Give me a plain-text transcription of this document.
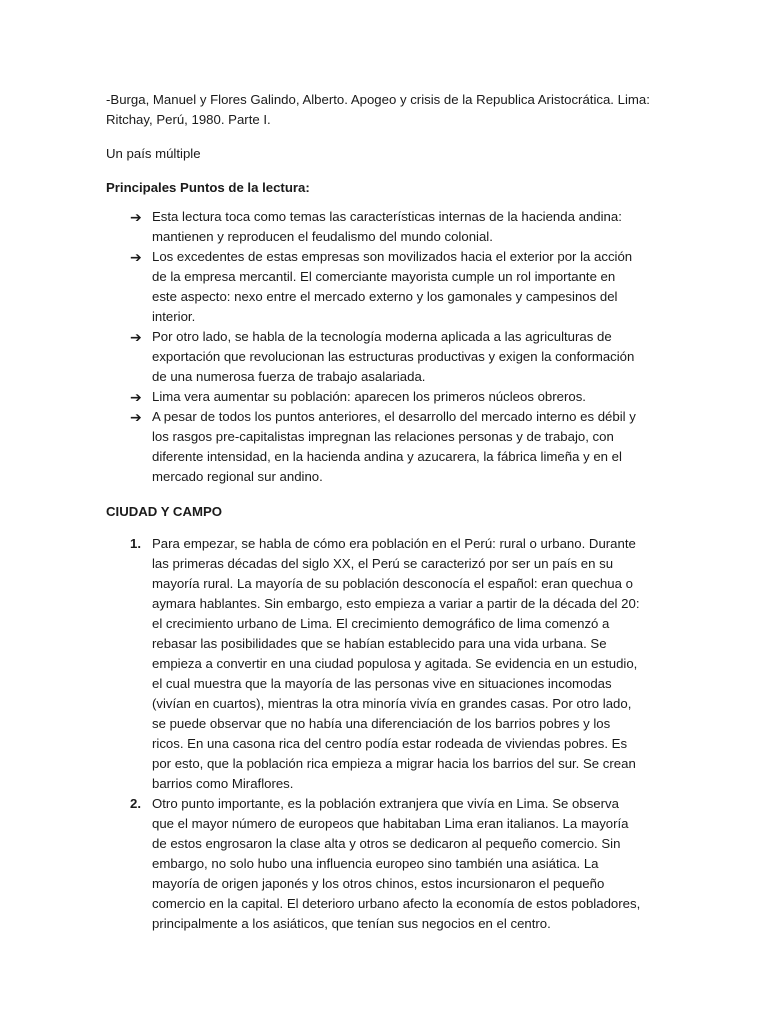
-Burga, Manuel y Flores Galindo, Alberto. Apogeo y crisis de la Republica Aristocrática. Lima: Ritchay, Perú, 1980. Parte I.

Un país múltiple

Principales Puntos de la lectura:

➔ Esta lectura toca como temas las características internas de la hacienda andina: mantienen y reproducen el feudalismo del mundo colonial.
➔ Los excedentes de estas empresas son movilizados hacia el exterior por la acción de la empresa mercantil. El comerciante mayorista cumple un rol importante en este aspecto: nexo entre el mercado externo y los gamonales y campesinos del interior.
➔ Por otro lado, se habla de la tecnología moderna aplicada a las agriculturas de exportación que revolucionan las estructuras productivas y exigen la conformación de una numerosa fuerza de trabajo asalariada.
➔ Lima vera aumentar su población: aparecen los primeros núcleos obreros.
➔ A pesar de todos los puntos anteriores, el desarrollo del mercado interno es débil y los rasgos pre-capitalistas impregnan las relaciones personas y de trabajo, con diferente intensidad, en la hacienda andina y azucarera, la fábrica limeña y en el mercado regional sur andino.

CIUDAD Y CAMPO

1. Para empezar, se habla de cómo era población en el Perú: rural o urbano. Durante las primeras décadas del siglo XX, el Perú se caracterizó por ser un país en su mayoría rural. La mayoría de su población desconocía el español: eran quechua o aymara hablantes. Sin embargo, esto empieza a variar a partir de la década del 20: el crecimiento urbano de Lima. El crecimiento demográfico de lima comenzó a rebasar las posibilidades que se habían establecido para una vida urbana. Se empieza a convertir en una ciudad populosa y agitada. Se evidencia en un estudio, el cual muestra que la mayoría de las personas vive en situaciones incomodas (vivían en cuartos), mientras la otra minoría vivía en grandes casas. Por otro lado, se puede observar que no había una diferenciación de los barrios pobres y los ricos. En una casona rica del centro podía estar rodeada de viviendas pobres. Es por esto, que la población rica empieza a migrar hacia los barrios del sur. Se crean barrios como Miraflores.
2. Otro punto importante, es la población extranjera que vivía en Lima. Se observa que el mayor número de europeos que habitaban Lima eran italianos. La mayoría de estos engrosaron la clase alta y otros se dedicaron al pequeño comercio. Sin embargo, no solo hubo una influencia europeo sino también una asiática. La mayoría de origen japonés y los otros chinos, estos incursionaron el pequeño comercio en la capital. El deterioro urbano afecto la economía de estos pobladores, principalmente a los asiáticos, que tenían sus negocios en el centro.
